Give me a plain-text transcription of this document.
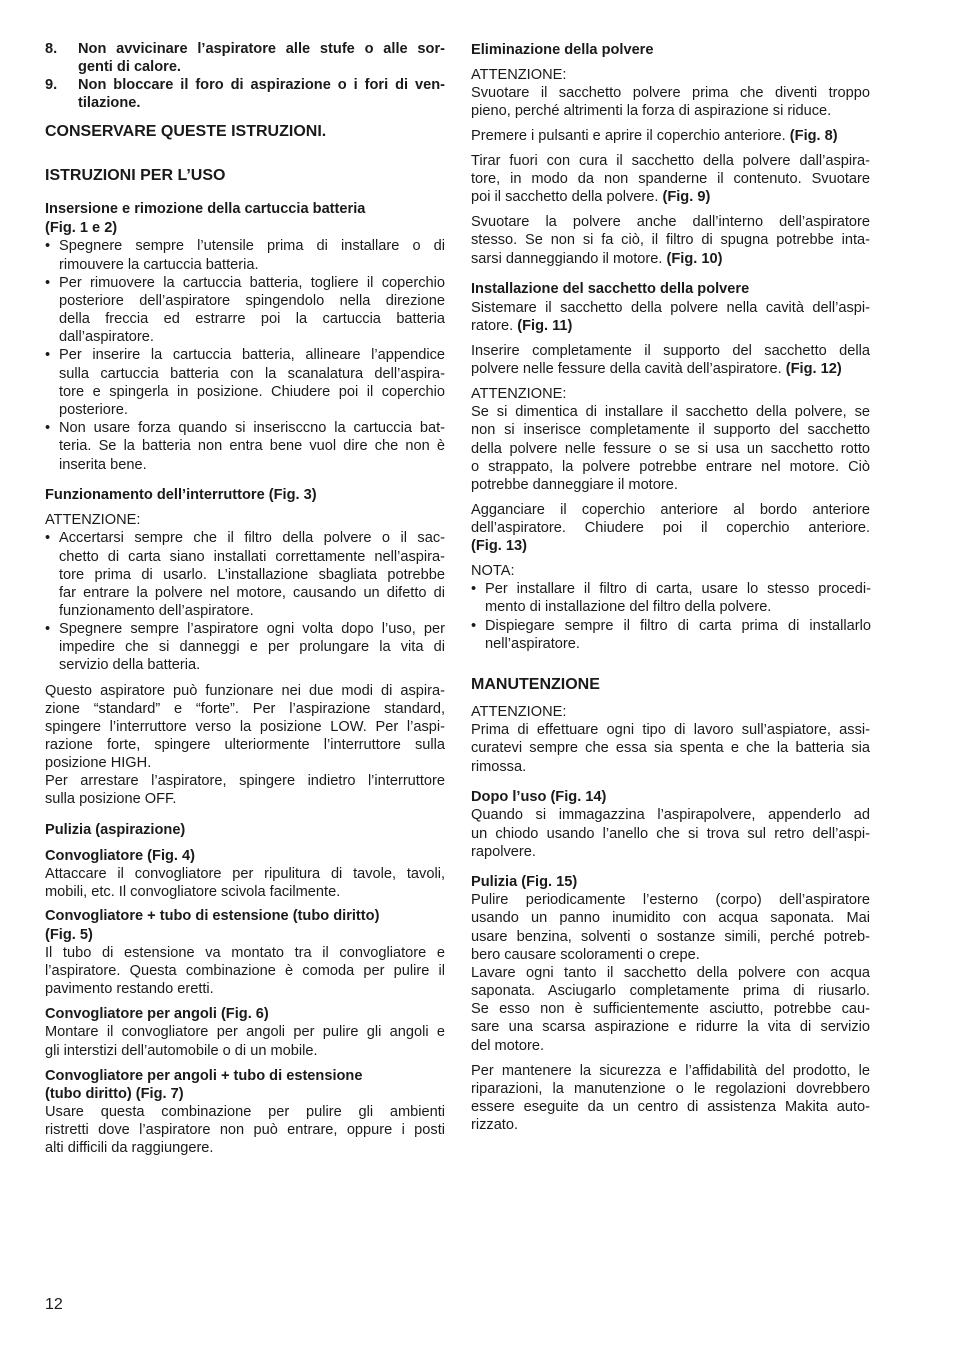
8. Non avvicinare l’aspiratore alle stufe o alle sor-
genti di calore.
9. Non bloccare il foro di aspirazione o i fori di ven-
tilazione.
CONSERVARE QUESTE ISTRUZIONI.
ISTRUZIONI PER L’USO
Insersione e rimozione della cartuccia batteria
(Fig. 1 e 2)
• Spegnere sempre l’utensile prima di installare o di
rimouvere la cartuccia batteria.
• Per rimuovere la cartuccia batteria, togliere il coperchio
posteriore dell’aspiratore spingendolo nella direzione
della freccia ed estrarre poi la cartuccia batteria
dall’aspiratore.
• Per inserire la cartuccia batteria, allineare l’appendice
sulla cartuccia batteria con la scanalatura dell’aspira-
tore e spingerla in posizione. Chiudere poi il coperchio
posteriore.
• Non usare forza quando si inserisccno la cartuccia bat-
teria. Se la batteria non entra bene vuol dire che non è
inserita bene.
Funzionamento dell’interruttore (Fig. 3)
ATTENZIONE:
• Accertarsi sempre che il filtro della polvere o il sac-
chetto di carta siano installati correttamente nell’aspira-
tore prima di usarlo. L’installazione sbagliata potrebbe
far entrare la polvere nel motore, causando un difetto di
funzionamento dell’aspiratore.
• Spegnere sempre l’aspiratore ogni volta dopo l’uso, per
impedire che si danneggi e per prolungare la vita di
servizio della batteria.
Questo aspiratore può funzionare nei due modi di aspira-
zione “standard” e “forte”. Per l’aspirazione standard,
spingere l’interruttore verso la posizione LOW. Per l’aspi-
razione forte, spingere ulteriormente l’interruttore sulla
posizione HIGH.
Per arrestare l’aspiratore, spingere indietro l’interruttore
sulla posizione OFF.
Pulizia (aspirazione)
Convogliatore (Fig. 4)
Attaccare il convogliatore per ripulitura di tavole, tavoli,
mobili, etc. Il convogliatore scivola facilmente.
Convogliatore + tubo di estensione (tubo diritto)
(Fig. 5)
Il tubo di estensione va montato tra il convogliatore e
l’aspiratore. Questa combinazione è comoda per pulire il
pavimento restando eretti.
Convogliatore per angoli (Fig. 6)
Montare il convogliatore per angoli per pulire gli angoli e
gli interstizi dell’automobile o di un mobile.
Convogliatore per angoli + tubo di estensione
(tubo diritto) (Fig. 7)
Usare questa combinazione per pulire gli ambienti
ristretti dove l’aspiratore non può entrare, oppure i posti
alti difficili da raggiungere.
Eliminazione della polvere
ATTENZIONE:
Svuotare il sacchetto polvere prima che diventi troppo
pieno, perché altrimenti la forza di aspirazione si riduce.
Premere i pulsanti e aprire il coperchio anteriore. (Fig. 8)
Tirar fuori con cura il sacchetto della polvere dall’aspira-
tore, in modo da non spanderne il contenuto. Svuotare
poi il sacchetto della polvere. (Fig. 9)
Svuotare la polvere anche dall’interno dell’aspiratore
stesso. Se non si fa ciò, il filtro di spugna potrebbe inta-
sarsi danneggiando il motore. (Fig. 10)
Installazione del sacchetto della polvere
Sistemare il sacchetto della polvere nella cavità dell’aspi-
ratore. (Fig. 11)
Inserire completamente il supporto del sacchetto della
polvere nelle fessure della cavità dell’aspiratore. (Fig. 12)
ATTENZIONE:
Se si dimentica di installare il sacchetto della polvere, se
non si inserisce completamente il supporto del sacchetto
della polvere nelle fessure o se si usa un sacchetto rotto
o strappato, la polvere potrebbe entrare nel motore. Ciò
potrebbe danneggiare il motore.
Agganciare il coperchio anteriore al bordo anteriore
dell’aspiratore. Chiudere poi il coperchio anteriore.
(Fig. 13)
NOTA:
• Per installare il filtro di carta, usare lo stesso procedi-
mento di installazione del filtro della polvere.
• Dispiegare sempre il filtro di carta prima di installarlo
nell’aspiratore.
MANUTENZIONE
ATTENZIONE:
Prima di effettuare ogni tipo di lavoro sull’aspiatore, assi-
curatevi sempre che essa sia spenta e che la batteria sia
rimossa.
Dopo l’uso (Fig. 14)
Quando si immagazzina l’aspirapolvere, appenderlo ad
un chiodo usando l’anello che si trova sul retro dell’aspi-
rapolvere.
Pulizia (Fig. 15)
Pulire periodicamente l’esterno (corpo) dell’aspiratore
usando un panno inumidito con acqua saponata. Mai
usare benzina, solventi o sostanze simili, perché potreb-
bero causare scoloramenti o crepe.
Lavare ogni tanto il sacchetto della polvere con acqua
saponata. Asciugarlo completamente prima di riusarlo.
Se esso non è sufficientemente asciutto, potrebbe cau-
sare una scarsa aspirazione e ridurre la vita di servizio
del motore.
Per mantenere la sicurezza e l’affidabilità del prodotto, le
riparazioni, la manutenzione o le regolazioni dovrebbero
essere eseguite da un centro di assistenza Makita auto-
rizzato.
12
